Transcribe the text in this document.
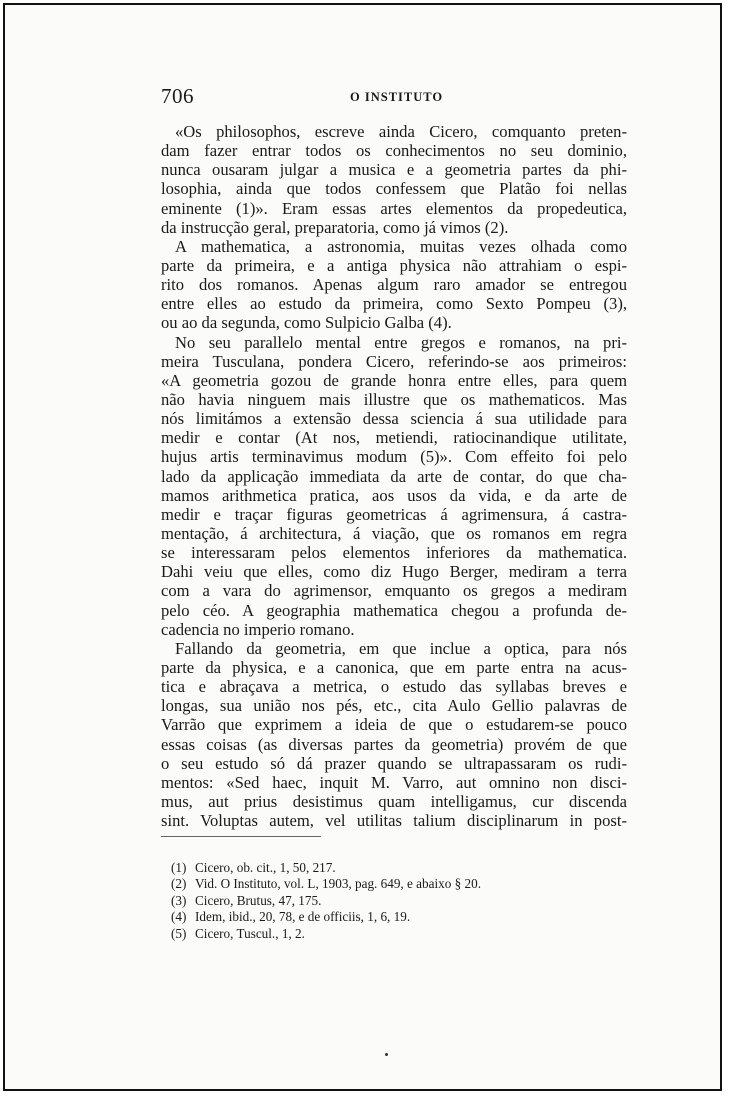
706	O INSTITUTO
«Os philosophos, escreve ainda Cicero, comquanto preten-
dam fazer entrar todos os conhecimentos no seu dominio,
nunca ousaram julgar a musica e a geometria partes da phi-
losophia, ainda que todos confessem que Platão foi nellas
eminente (1)». Eram essas artes elementos da propedeutica,
da instrucção geral, preparatoria, como já vimos (2).
A mathematica, a astronomia, muitas vezes olhada como
parte da primeira, e a antiga physica não attrahiam o espi-
rito dos romanos. Apenas algum raro amador se entregou
entre elles ao estudo da primeira, como Sexto Pompeu (3),
ou ao da segunda, como Sulpicio Galba (4).
No seu parallelo mental entre gregos e romanos, na pri-
meira Tusculana, pondera Cicero, referindo-se aos primeiros:
«A geometria gozou de grande honra entre elles, para quem
não havia ninguem mais illustre que os mathematicos. Mas
nós limitámos a extensão dessa sciencia á sua utilidade para
medir e contar (At nos, metiendi, ratiocinandique utilitate,
hujus artis terminavimus modum (5)». Com effeito foi pelo
lado da applicação immediata da arte de contar, do que cha-
mamos arithmetica pratica, aos usos da vida, e da arte de
medir e traçar figuras geometricas á agrimensura, á castra-
mentação, á architectura, á viação, que os romanos em regra
se interessaram pelos elementos inferiores da mathematica.
Dahi veiu que elles, como diz Hugo Berger, mediram a terra
com a vara do agrimensor, emquanto os gregos a mediram
pelo céo. A geographia mathematica chegou a profunda de-
cadencia no imperio romano.
Fallando da geometria, em que inclue a optica, para nós
parte da physica, e a canonica, que em parte entra na acus-
tica e abraçava a metrica, o estudo das syllabas breves e
longas, sua união nos pés, etc., cita Aulo Gellio palavras de
Varrão que exprimem a ideia de que o estudarem-se pouco
essas coisas (as diversas partes da geometria) provém de que
o seu estudo só dá prazer quando se ultrapassaram os rudi-
mentos: «Sed haec, inquit M. Varro, aut omnino non disci-
mus, aut prius desistimus quam intelligamus, cur discenda
sint. Voluptas autem, vel utilitas talium disciplinarum in post-
(1) Cicero, ob. cit., 1, 50, 217.
(2) Vid. O Instituto, vol. L, 1903, pag. 649, e abaixo § 20.
(3) Cicero, Brutus, 47, 175.
(4) Idem, ibid., 20, 78, e de officiis, 1, 6, 19.
(5) Cicero, Tuscul., 1, 2.
